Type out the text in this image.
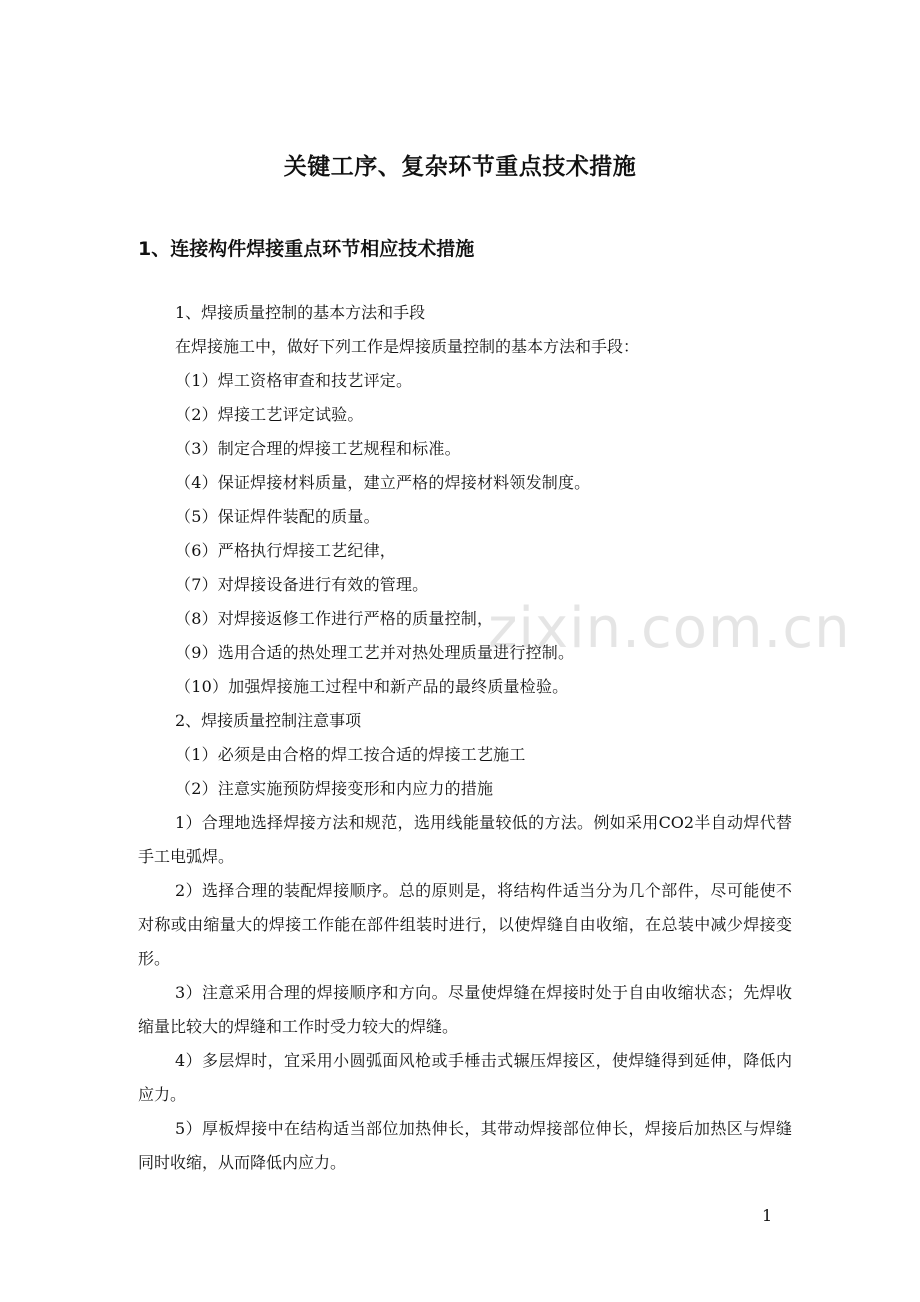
关键工序、复杂环节重点技术措施
1、连接构件焊接重点环节相应技术措施

1、焊接质量控制的基本方法和手段

在焊接施工中，做好下列工作是焊接质量控制的基本方法和手段：

（1）焊工资格审查和技艺评定。

（2）焊接工艺评定试验。

（3）制定合理的焊接工艺规程和标准。

（4）保证焊接材料质量，建立严格的焊接材料领发制度。

（5）保证焊件装配的质量。

（6）严格执行焊接工艺纪律，

（7）对焊接设备进行有效的管理。

（8）对焊接返修工作进行严格的质量控制，

（9）选用合适的热处理工艺并对热处理质量进行控制。

（10）加强焊接施工过程中和新产品的最终质量检验。

2、焊接质量控制注意事项

（1）必须是由合格的焊工按合适的焊接工艺施工

（2）注意实施预防焊接变形和内应力的措施

1）合理地选择焊接方法和规范，选用线能量较低的方法。例如采用CO2半自动焊代替手工电弧焊。

2）选择合理的装配焊接顺序。总的原则是，将结构件适当分为几个部件，尽可能使不对称或由缩量大的焊接工作能在部件组装时进行，以使焊缝自由收缩，在总装中减少焊接变形。

3）注意采用合理的焊接顺序和方向。尽量使焊缝在焊接时处于自由收缩状态；先焊收缩量比较大的焊缝和工作时受力较大的焊缝。

4）多层焊时，宜采用小圆弧面风枪或手棰击式辗压焊接区，使焊缝得到延伸，降低内应力。

5）厚板焊接中在结构适当部位加热伸长，其带动焊接部位伸长，焊接后加热区与焊缝同时收缩，从而降低内应力。

zixin.com.cn
1
